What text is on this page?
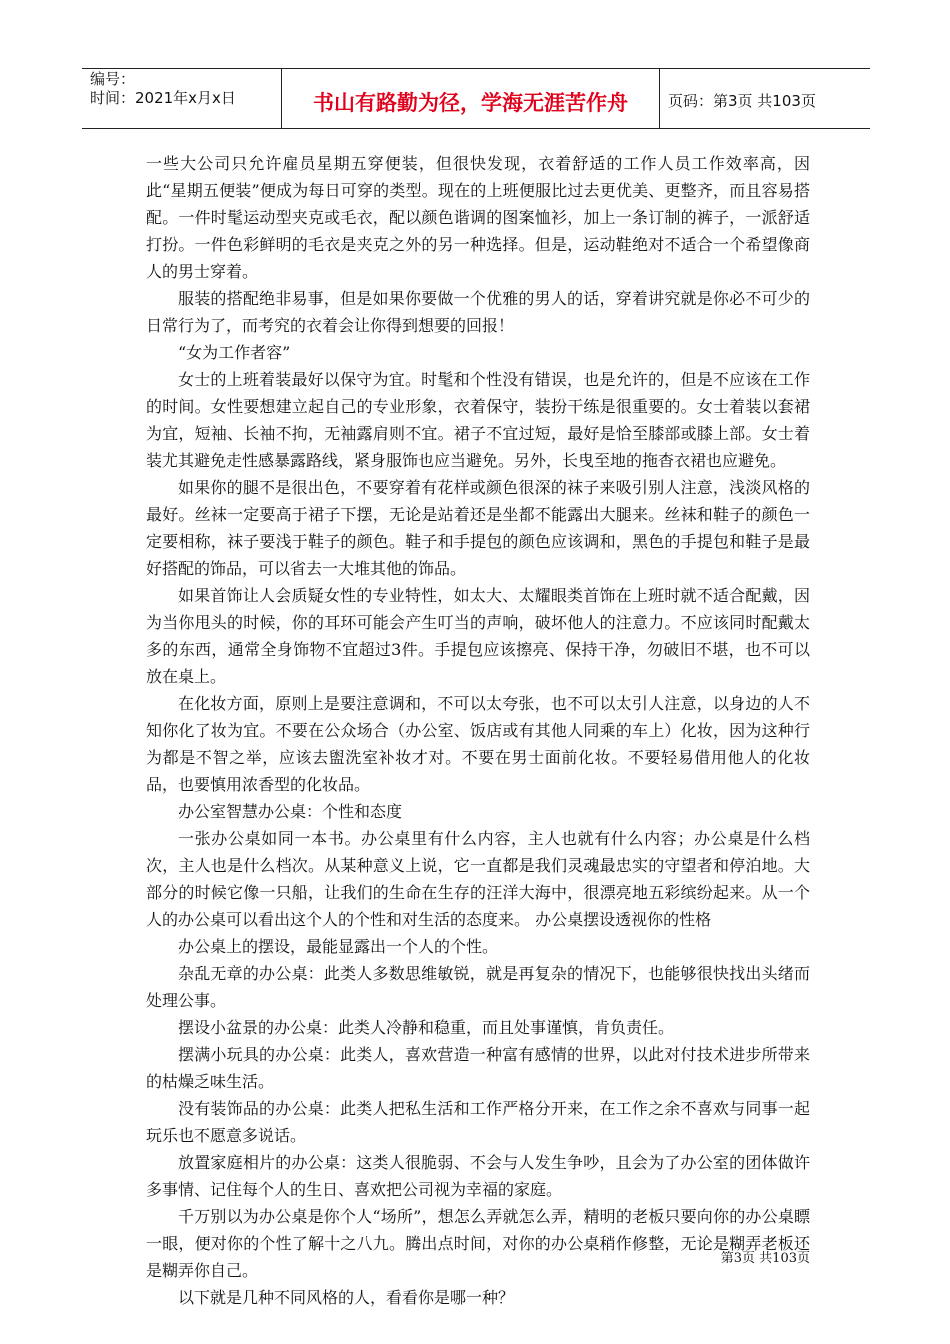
编号：
时间：2021年x月x日	书山有路勤为径，学海无涯苦作舟	页码：第3页 共103页

一些大公司只允许雇员星期五穿便装，但很快发现，衣着舒适的工作人员工作效率高，因此“星期五便装”便成为每日可穿的类型。现在的上班便服比过去更优美、更整齐，而且容易搭配。一件时髦运动型夹克或毛衣，配以颜色谐调的图案恤衫，加上一条订制的裤子，一派舒适打扮。一件色彩鲜明的毛衣是夹克之外的另一种选择。但是，运动鞋绝对不适合一个希望像商人的男士穿着。

服装的搭配绝非易事，但是如果你要做一个优雅的男人的话，穿着讲究就是你必不可少的日常行为了，而考究的衣着会让你得到想要的回报！

“女为工作者容”

女士的上班着装最好以保守为宜。时髦和个性没有错误，也是允许的，但是不应该在工作的时间。女性要想建立起自己的专业形象，衣着保守，装扮干练是很重要的。女士着装以套裙为宜，短袖、长袖不拘，无袖露肩则不宜。裙子不宜过短，最好是恰至膝部或膝上部。女士着装尤其避免走性感暴露路线，紧身服饰也应当避免。另外，长曳至地的拖杳衣裙也应避免。

如果你的腿不是很出色，不要穿着有花样或颜色很深的袜子来吸引别人注意，浅淡风格的最好。丝袜一定要高于裙子下摆，无论是站着还是坐都不能露出大腿来。丝袜和鞋子的颜色一定要相称，袜子要浅于鞋子的颜色。鞋子和手提包的颜色应该调和，黑色的手提包和鞋子是最好搭配的饰品，可以省去一大堆其他的饰品。

如果首饰让人会质疑女性的专业特性，如太大、太耀眼类首饰在上班时就不适合配戴，因为当你甩头的时候，你的耳环可能会产生叮当的声响，破坏他人的注意力。不应该同时配戴太多的东西，通常全身饰物不宜超过3件。手提包应该擦亮、保持干净，勿破旧不堪，也不可以放在桌上。

在化妆方面，原则上是要注意调和，不可以太夸张，也不可以太引人注意，以身边的人不知你化了妆为宜。不要在公众场合（办公室、饭店或有其他人同乘的车上）化妆，因为这种行为都是不智之举，应该去盥洗室补妆才对。不要在男士面前化妆。不要轻易借用他人的化妆品，也要慎用浓香型的化妆品。

办公室智慧办公桌：个性和态度

一张办公桌如同一本书。办公桌里有什么内容，主人也就有什么内容；办公桌是什么档次，主人也是什么档次。从某种意义上说，它一直都是我们灵魂最忠实的守望者和停泊地。大部分的时候它像一只船，让我们的生命在生存的汪洋大海中，很漂亮地五彩缤纷起来。从一个人的办公桌可以看出这个人的个性和对生活的态度来。 办公桌摆设透视你的性格

办公桌上的摆设，最能显露出一个人的个性。

杂乱无章的办公桌：此类人多数思维敏锐，就是再复杂的情况下，也能够很快找出头绪而处理公事。

摆设小盆景的办公桌：此类人冷静和稳重，而且处事谨慎，肯负责任。

摆满小玩具的办公桌：此类人，喜欢营造一种富有感情的世界，以此对付技术进步所带来的枯燥乏味生活。

没有装饰品的办公桌：此类人把私生活和工作严格分开来，在工作之余不喜欢与同事一起玩乐也不愿意多说话。

放置家庭相片的办公桌：这类人很脆弱、不会与人发生争吵，且会为了办公室的团体做许多事情、记住每个人的生日、喜欢把公司视为幸福的家庭。

千万别以为办公桌是你个人“场所”，想怎么弄就怎么弄，精明的老板只要向你的办公桌瞟一眼，便对你的个性了解十之八九。腾出点时间，对你的办公桌稍作修整，无论是糊弄老板还是糊弄你自己。

以下就是几种不同风格的人，看看你是哪一种？

第3页 共103页
